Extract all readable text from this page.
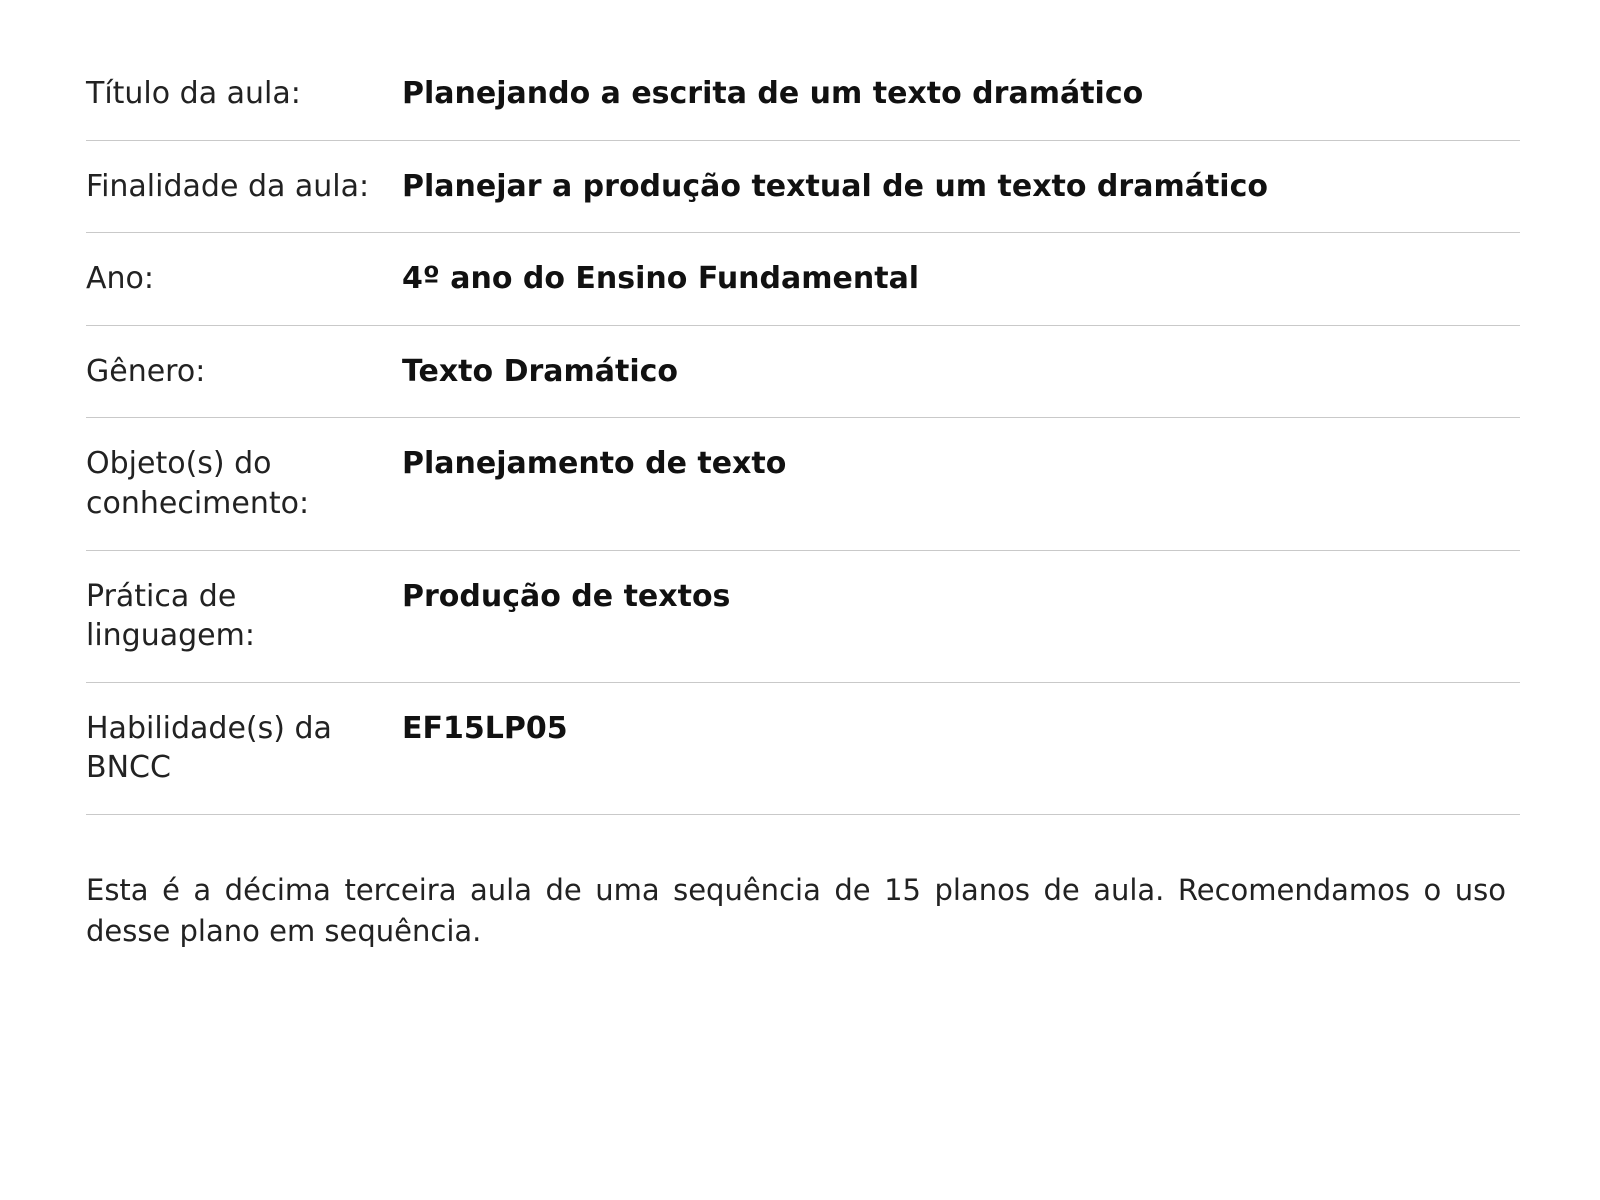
Título da aula:	Planejando a escrita de um texto dramático
Finalidade da aula:	Planejar a produção textual de um texto dramático
Ano:	4º ano do Ensino Fundamental
Gênero:	Texto Dramático
Objeto(s) do conhecimento:	Planejamento de texto
Prática de linguagem:	Produção de textos
Habilidade(s) da BNCC	EF15LP05

Esta é a décima terceira aula de uma sequência de 15 planos de aula. Recomendamos o uso desse plano em sequência.
